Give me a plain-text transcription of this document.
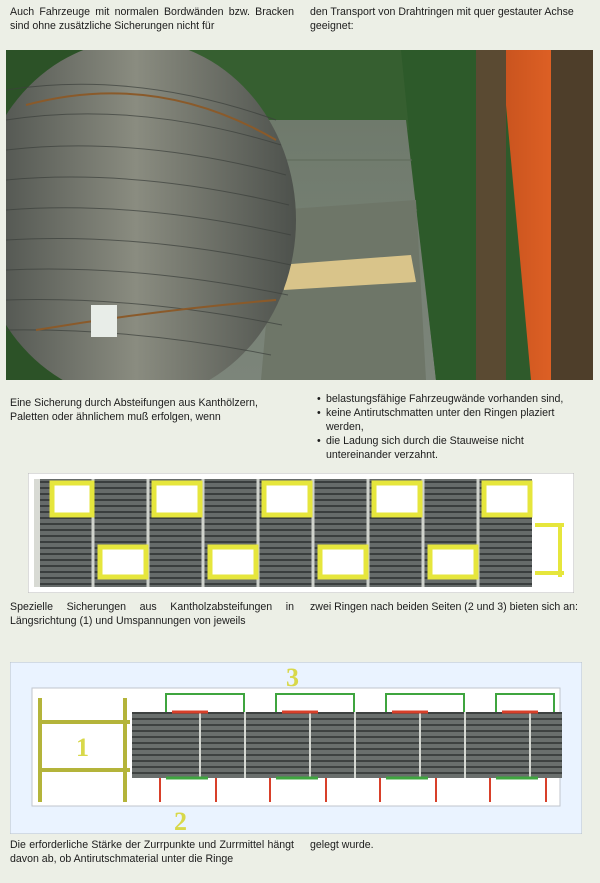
Auch Fahrzeuge mit normalen Bordwänden bzw. Bracken sind ohne zusätzliche Sicherungen nicht für
den Transport von Drahtringen mit quer gestauter Achse geeignet:
Eine Sicherung durch Absteifungen aus Kanthölzern, Paletten oder ähnlichem muß erfolgen, wenn
• belastungsfähige Fahrzeugwände vorhanden sind,
• keine Antirutschmatten unter den Ringen plaziert werden,
• die Ladung sich durch die Stauweise nicht untereinander verzahnt.
Spezielle Sicherungen aus Kantholzabsteifungen in Längsrichtung (1) und Umspannungen von jeweils
zwei Ringen nach beiden Seiten (2 und 3) bieten sich an:
1
2
3
Die erforderliche Stärke der Zurrpunkte und Zurrmittel hängt davon ab, ob Antirutschmaterial unter die Ringe
gelegt wurde.
